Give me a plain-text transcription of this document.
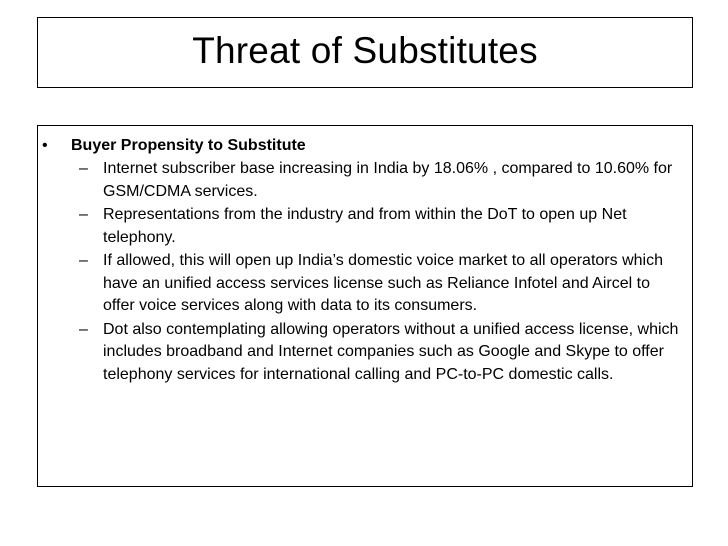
Threat of Substitutes
• Buyer Propensity to Substitute
– Internet subscriber base increasing in India by 18.06% , compared to 10.60% for GSM/CDMA services.
– Representations from the industry and from within the DoT to open up Net telephony.
– If allowed, this will open up India’s domestic voice market to all operators which have an unified access services license such as Reliance Infotel and Aircel to offer voice services along with data to its consumers.
– Dot also contemplating allowing operators without a unified access license, which includes broadband and Internet companies such as Google and Skype to offer telephony services for international calling and PC-to-PC domestic calls.
